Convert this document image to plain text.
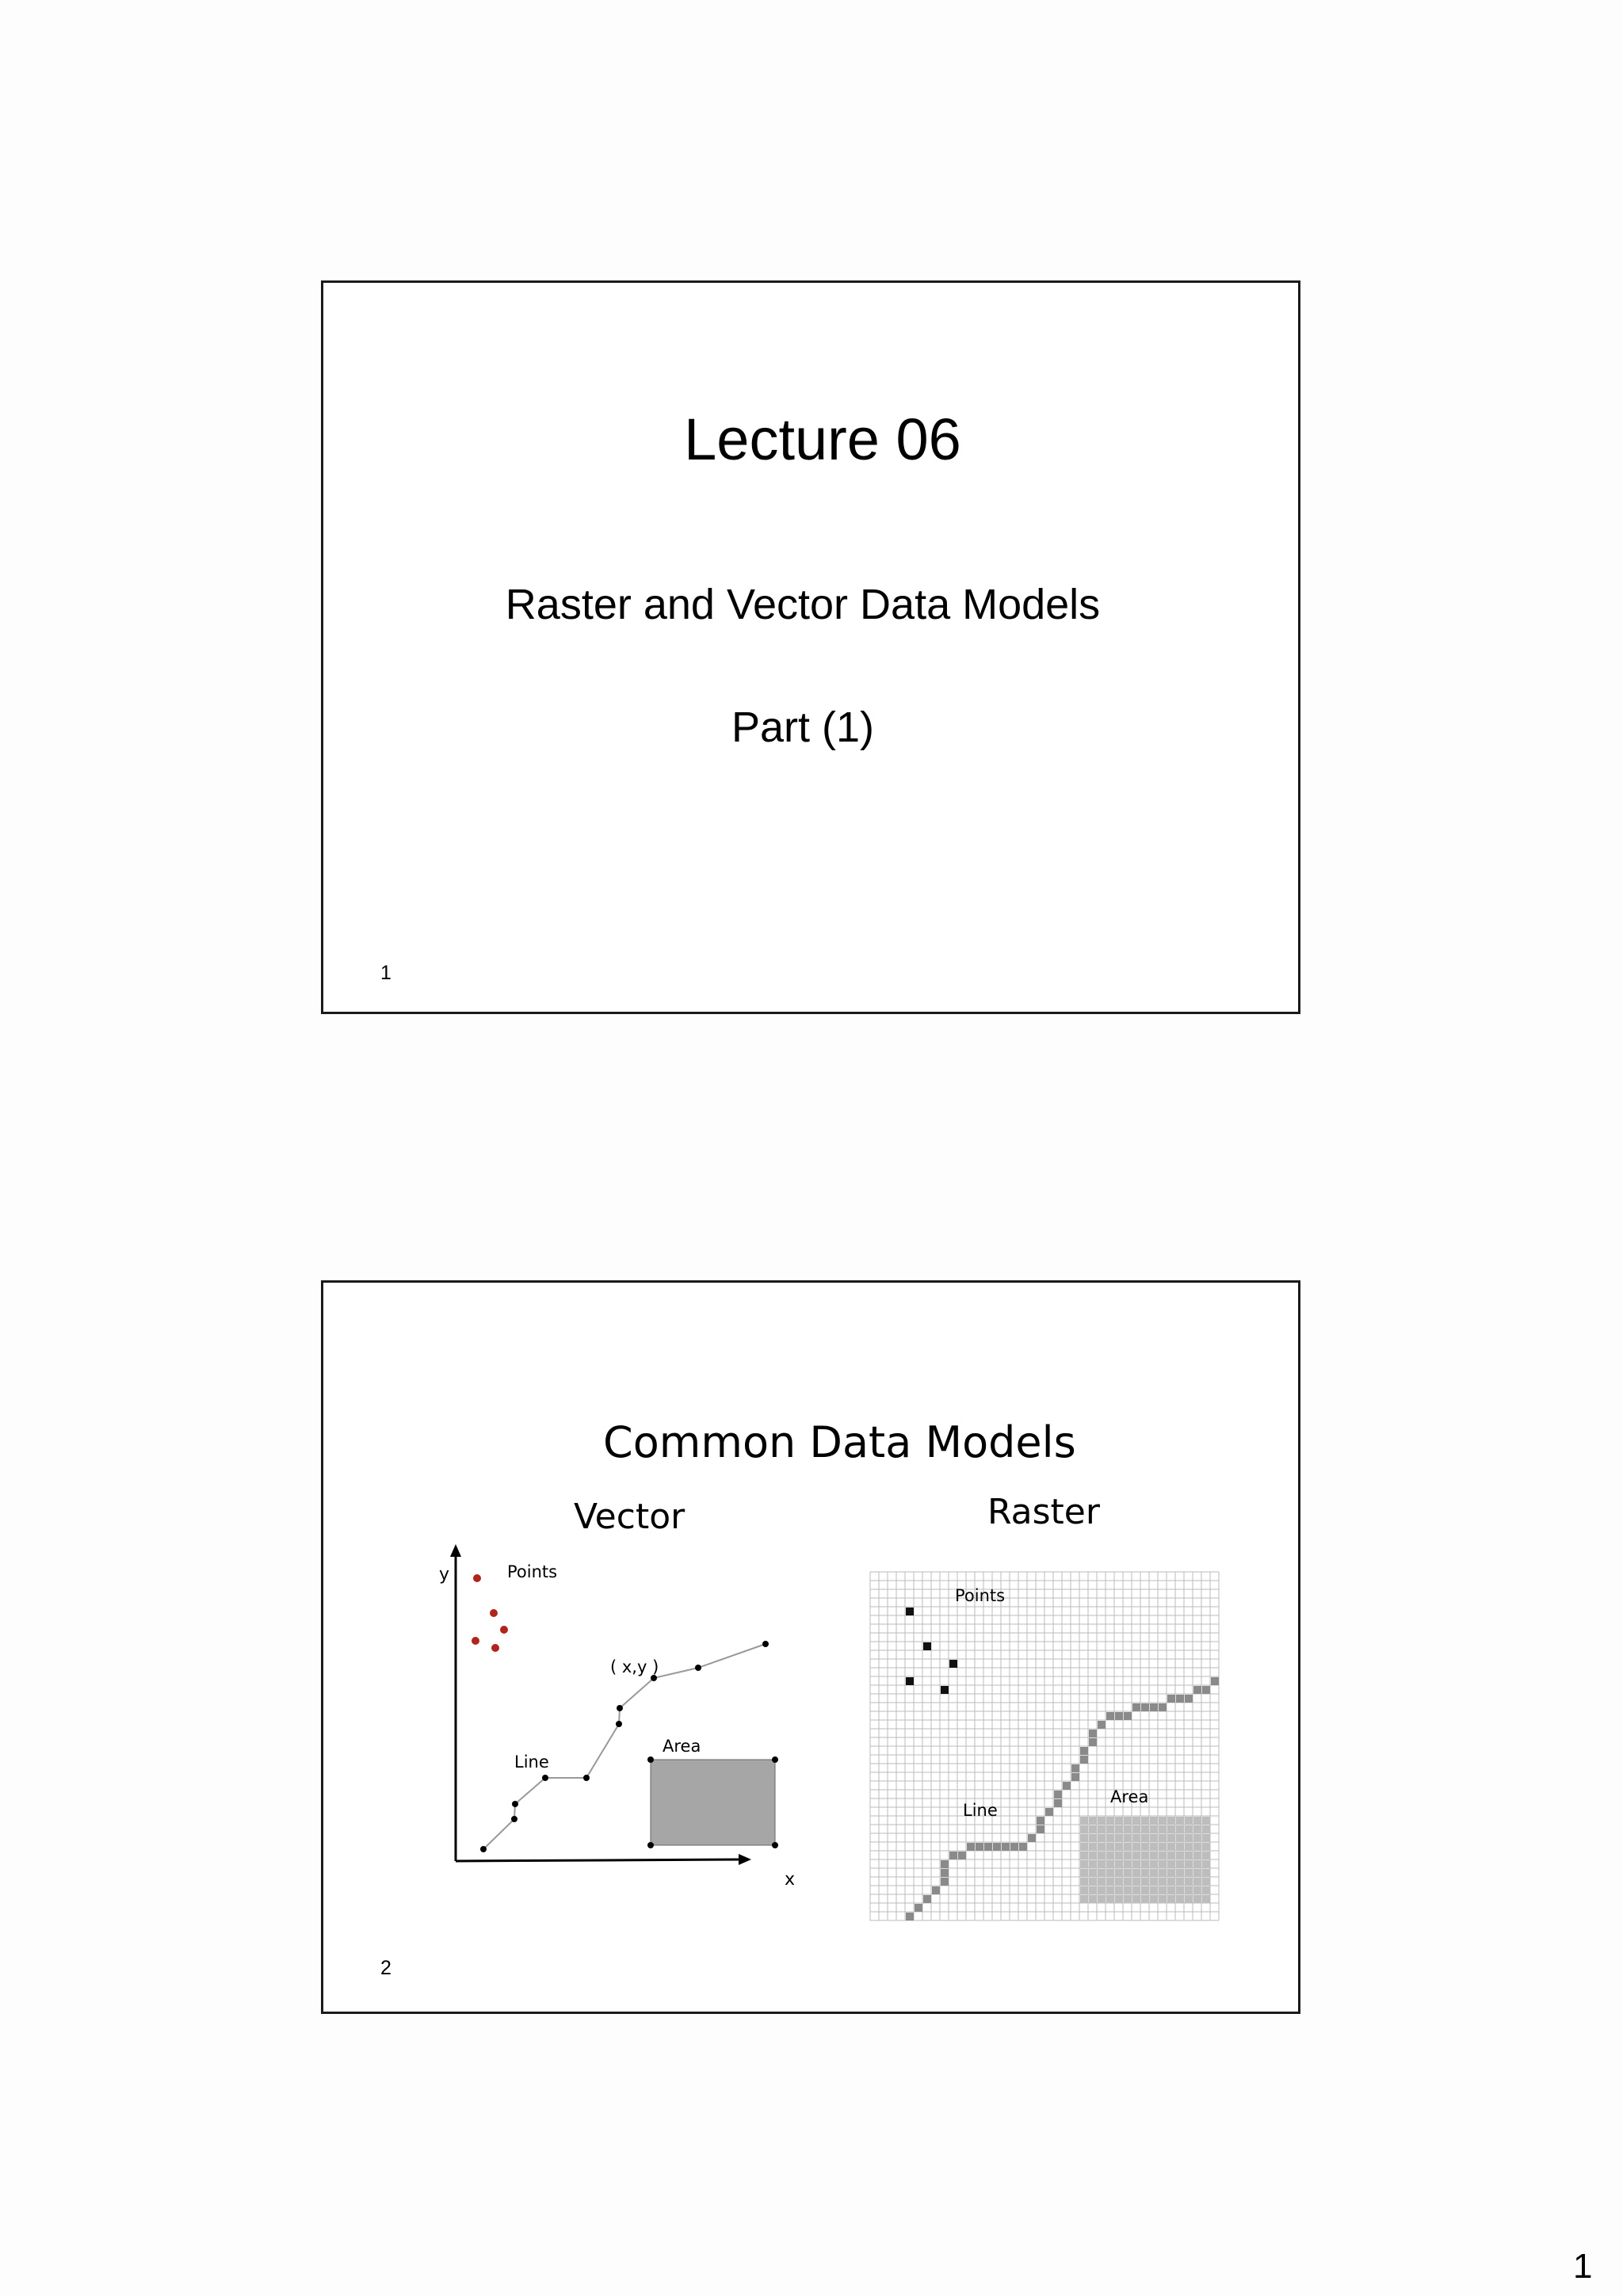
Lecture 06
Raster and Vector Data Models
Part (1)
1
Common Data Models
Vector	Raster
y
x
Points
( x,y )
Line
Area
Points
Line
Area
2
1
